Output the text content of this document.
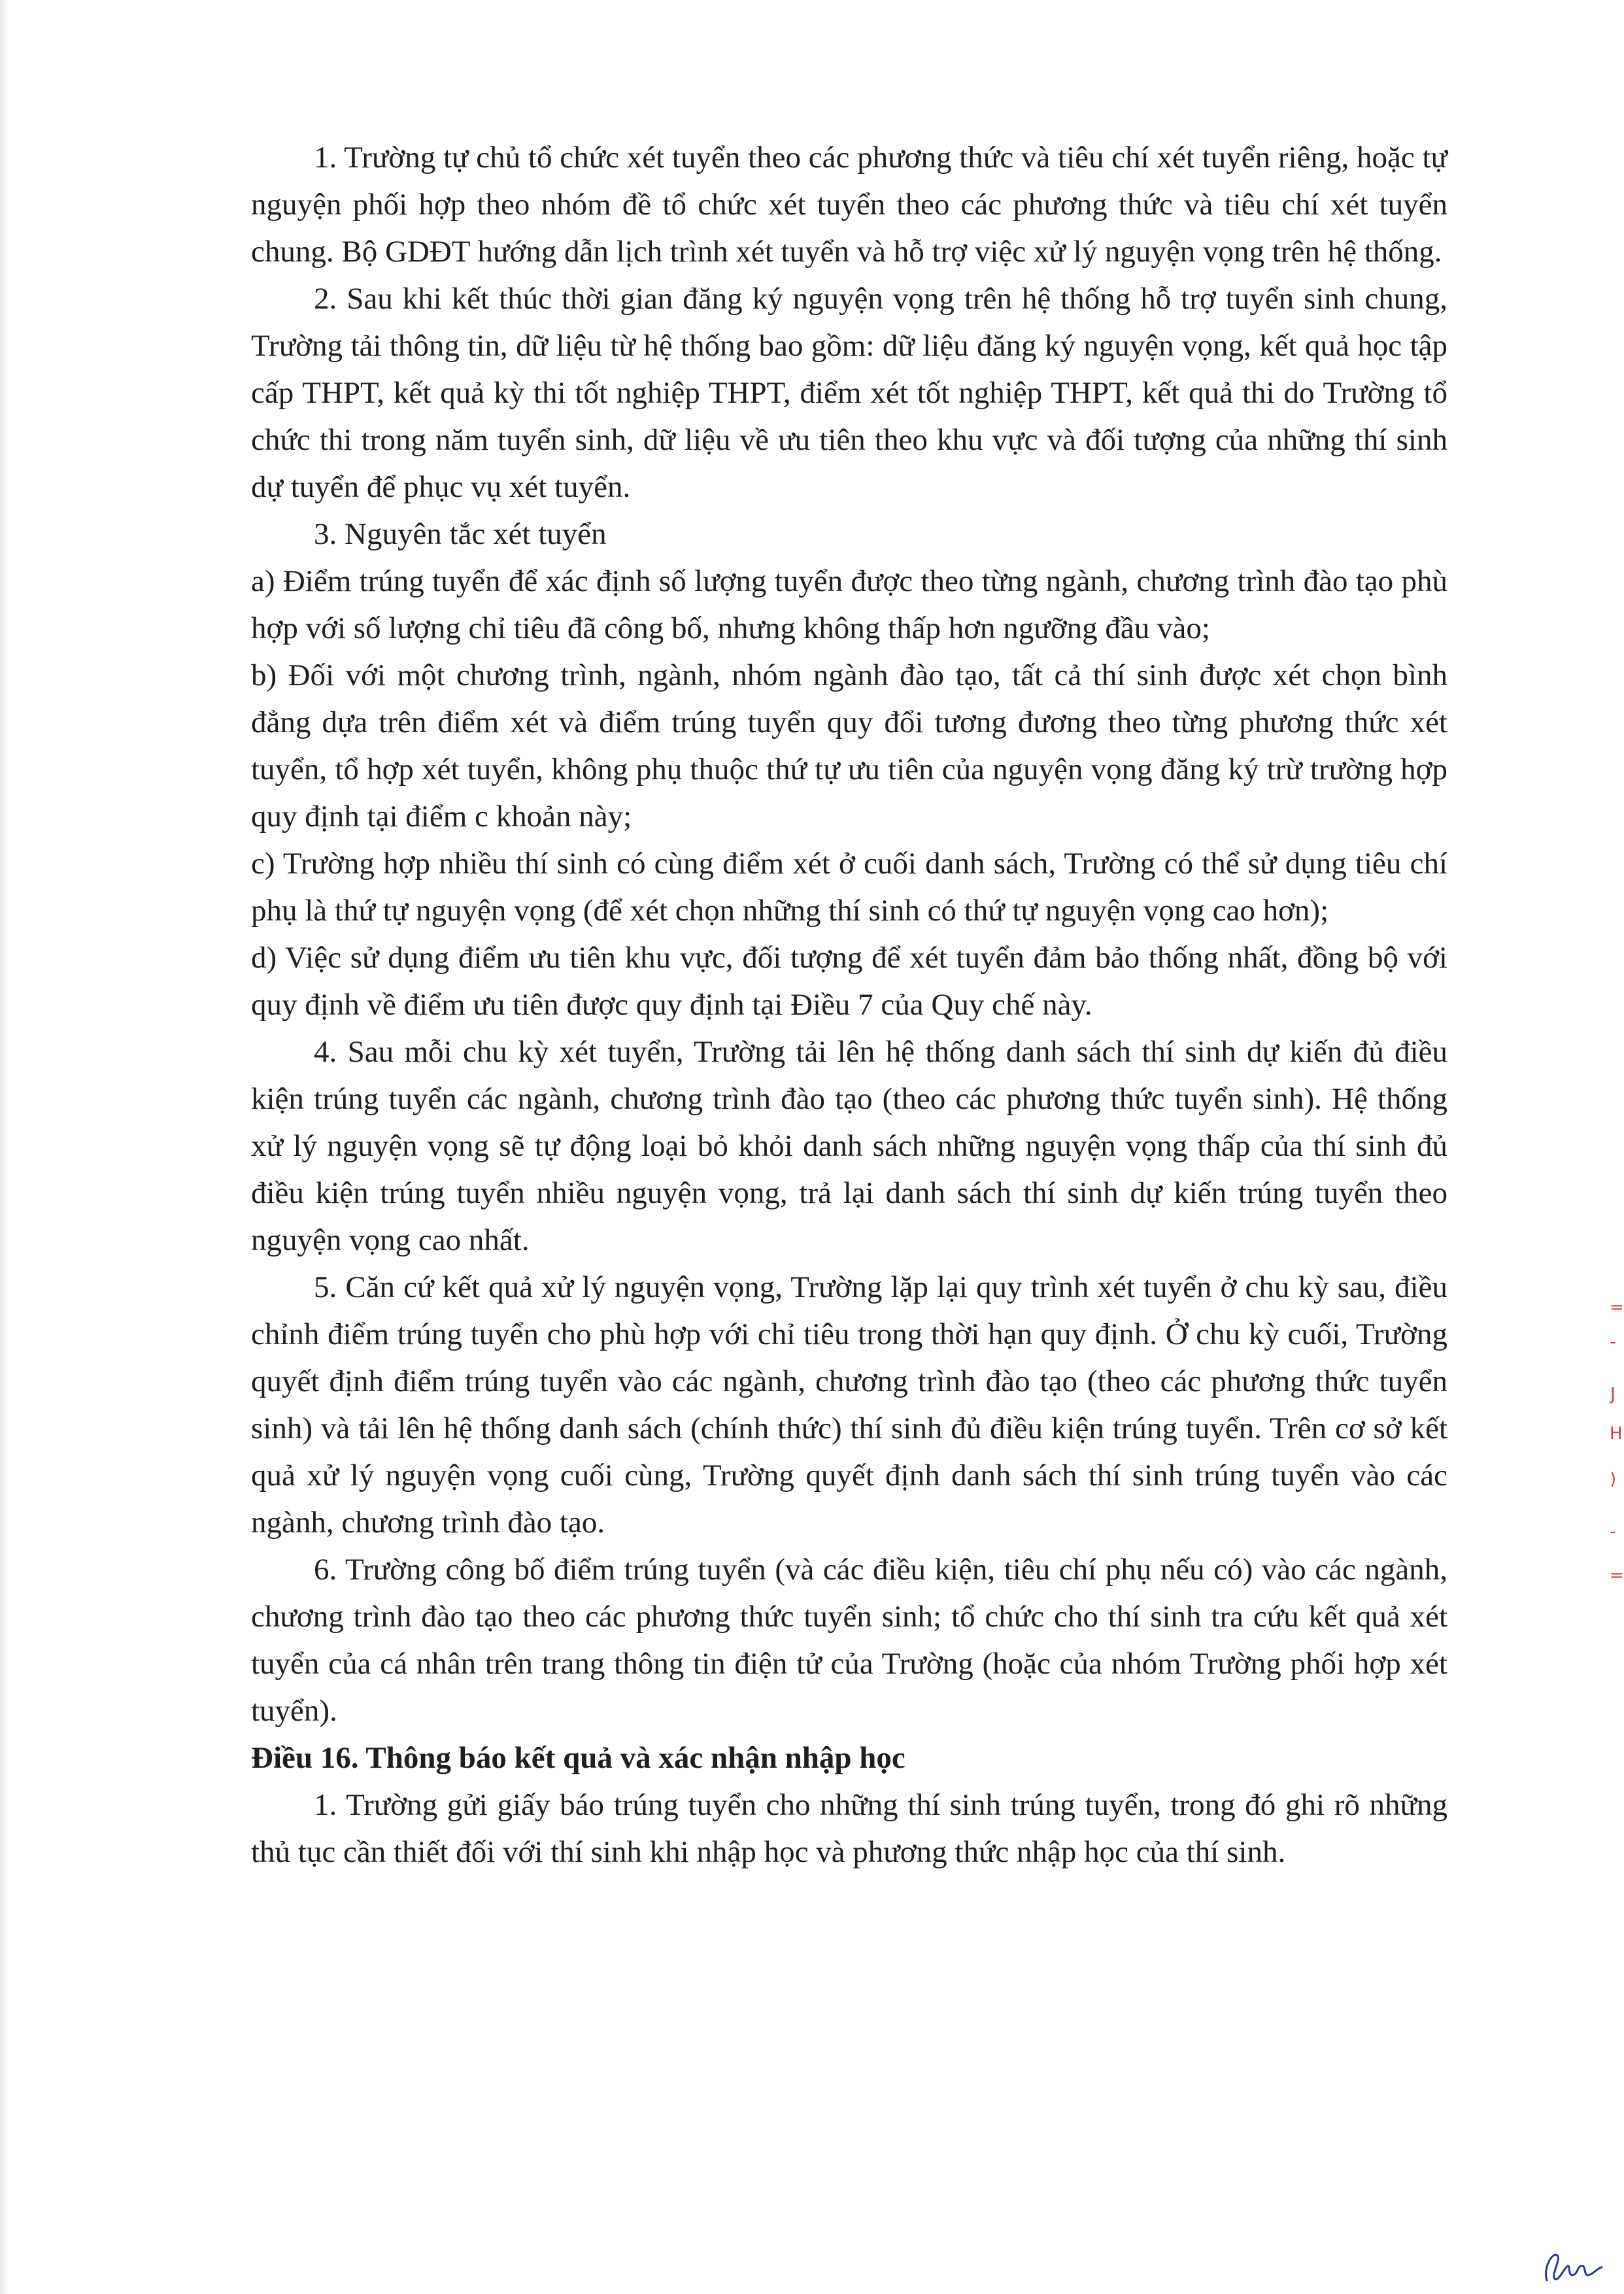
1. Trường tự chủ tổ chức xét tuyển theo các phương thức và tiêu chí xét tuyển riêng, hoặc tự nguyện phối hợp theo nhóm đề tổ chức xét tuyển theo các phương thức và tiêu chí xét tuyển chung. Bộ GDĐT hướng dẫn lịch trình xét tuyển và hỗ trợ việc xử lý nguyện vọng trên hệ thống.

2. Sau khi kết thúc thời gian đăng ký nguyện vọng trên hệ thống hỗ trợ tuyển sinh chung, Trường tải thông tin, dữ liệu từ hệ thống bao gồm: dữ liệu đăng ký nguyện vọng, kết quả học tập cấp THPT, kết quả kỳ thi tốt nghiệp THPT, điểm xét tốt nghiệp THPT, kết quả thi do Trường tổ chức thi trong năm tuyển sinh, dữ liệu về ưu tiên theo khu vực và đối tượng của những thí sinh dự tuyển để phục vụ xét tuyển.

3. Nguyên tắc xét tuyển

a) Điểm trúng tuyển để xác định số lượng tuyển được theo từng ngành, chương trình đào tạo phù hợp với số lượng chỉ tiêu đã công bố, nhưng không thấp hơn ngưỡng đầu vào;

b) Đối với một chương trình, ngành, nhóm ngành đào tạo, tất cả thí sinh được xét chọn bình đẳng dựa trên điểm xét và điểm trúng tuyển quy đổi tương đương theo từng phương thức xét tuyển, tổ hợp xét tuyển, không phụ thuộc thứ tự ưu tiên của nguyện vọng đăng ký trừ trường hợp quy định tại điểm c khoản này;

c) Trường hợp nhiều thí sinh có cùng điểm xét ở cuối danh sách, Trường có thể sử dụng tiêu chí phụ là thứ tự nguyện vọng (để xét chọn những thí sinh có thứ tự nguyện vọng cao hơn);

d) Việc sử dụng điểm ưu tiên khu vực, đối tượng để xét tuyển đảm bảo thống nhất, đồng bộ với quy định về điểm ưu tiên được quy định tại Điều 7 của Quy chế này.

4. Sau mỗi chu kỳ xét tuyển, Trường tải lên hệ thống danh sách thí sinh dự kiến đủ điều kiện trúng tuyển các ngành, chương trình đào tạo (theo các phương thức tuyển sinh). Hệ thống xử lý nguyện vọng sẽ tự động loại bỏ khỏi danh sách những nguyện vọng thấp của thí sinh đủ điều kiện trúng tuyển nhiều nguyện vọng, trả lại danh sách thí sinh dự kiến trúng tuyển theo nguyện vọng cao nhất.

5. Căn cứ kết quả xử lý nguyện vọng, Trường lặp lại quy trình xét tuyển ở chu kỳ sau, điều chỉnh điểm trúng tuyển cho phù hợp với chỉ tiêu trong thời hạn quy định. Ở chu kỳ cuối, Trường quyết định điểm trúng tuyển vào các ngành, chương trình đào tạo (theo các phương thức tuyển sinh) và tải lên hệ thống danh sách (chính thức) thí sinh đủ điều kiện trúng tuyển. Trên cơ sở kết quả xử lý nguyện vọng cuối cùng, Trường quyết định danh sách thí sinh trúng tuyển vào các ngành, chương trình đào tạo.

6. Trường công bố điểm trúng tuyển (và các điều kiện, tiêu chí phụ nếu có) vào các ngành, chương trình đào tạo theo các phương thức tuyển sinh; tổ chức cho thí sinh tra cứu kết quả xét tuyển của cá nhân trên trang thông tin điện tử của Trường (hoặc của nhóm Trường phối hợp xét tuyển).

Điều 16. Thông báo kết quả và xác nhận nhập học

1. Trường gửi giấy báo trúng tuyển cho những thí sinh trúng tuyển, trong đó ghi rõ những thủ tục cần thiết đối với thí sinh khi nhập học và phương thức nhập học của thí sinh.

=
-
J
H
)
-
=
